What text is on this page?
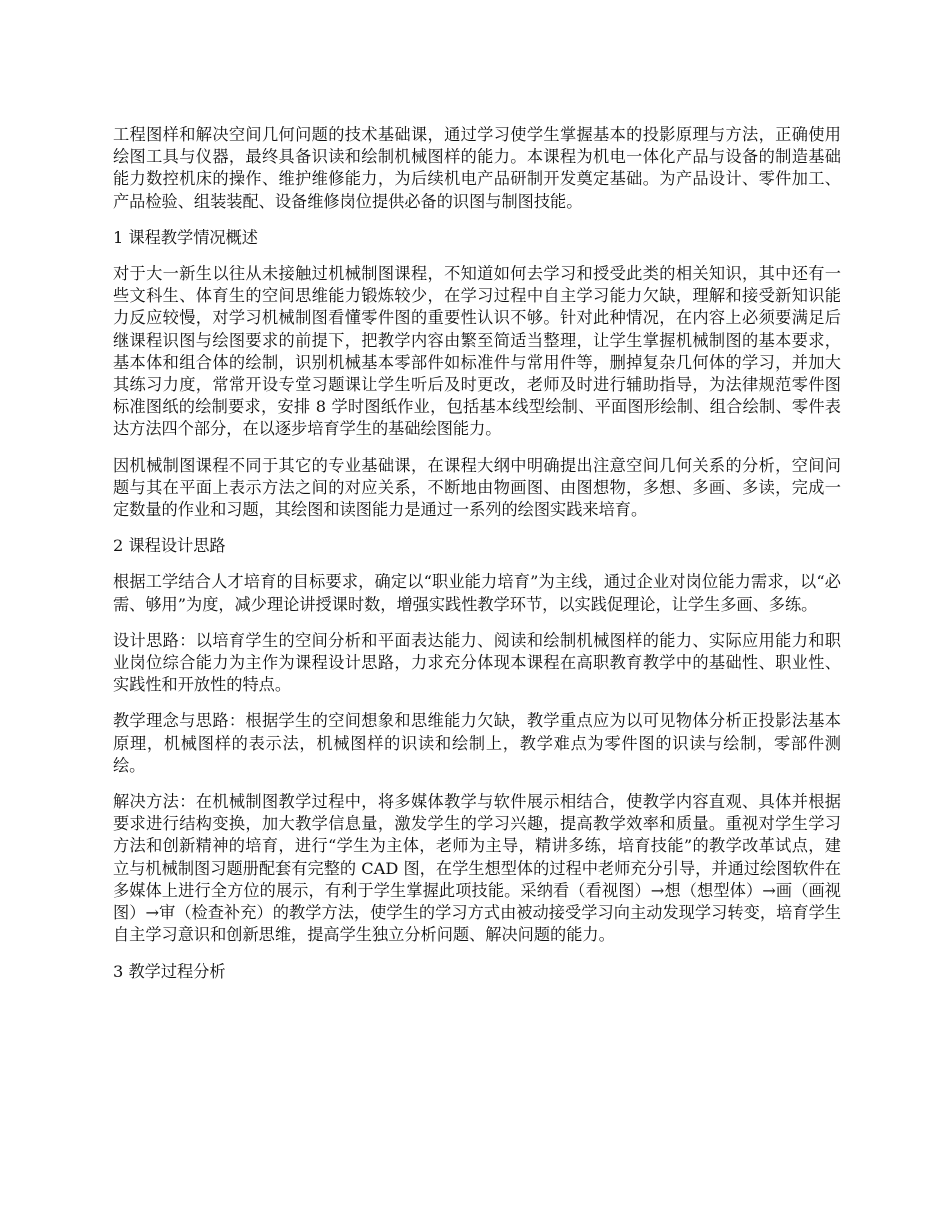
工程图样和解决空间几何问题的技术基础课，通过学习使学生掌握基本的投影原理与方法，正确使用绘图工具与仪器，最终具备识读和绘制机械图样的能力。本课程为机电一体化产品与设备的制造基础能力数控机床的操作、维护维修能力，为后续机电产品研制开发奠定基础。为产品设计、零件加工、产品检验、组装装配、设备维修岗位提供必备的识图与制图技能。

1 课程教学情况概述

对于大一新生以往从未接触过机械制图课程，不知道如何去学习和授受此类的相关知识，其中还有一些文科生、体育生的空间思维能力锻炼较少，在学习过程中自主学习能力欠缺，理解和接受新知识能力反应较慢，对学习机械制图看懂零件图的重要性认识不够。针对此种情况，在内容上必须要满足后继课程识图与绘图要求的前提下，把教学内容由繁至简适当整理，让学生掌握机械制图的基本要求，基本体和组合体的绘制，识别机械基本零部件如标准件与常用件等，删掉复杂几何体的学习，并加大其练习力度，常常开设专堂习题课让学生听后及时更改，老师及时进行辅助指导，为法律规范零件图标准图纸的绘制要求，安排 8 学时图纸作业，包括基本线型绘制、平面图形绘制、组合绘制、零件表达方法四个部分，在以逐步培育学生的基础绘图能力。

因机械制图课程不同于其它的专业基础课，在课程大纲中明确提出注意空间几何关系的分析，空间问题与其在平面上表示方法之间的对应关系，不断地由物画图、由图想物，多想、多画、多读，完成一定数量的作业和习题，其绘图和读图能力是通过一系列的绘图实践来培育。

2 课程设计思路

根据工学结合人才培育的目标要求，确定以“职业能力培育”为主线，通过企业对岗位能力需求，以“必需、够用”为度，减少理论讲授课时数，增强实践性教学环节，以实践促理论，让学生多画、多练。

设计思路：以培育学生的空间分析和平面表达能力、阅读和绘制机械图样的能力、实际应用能力和职业岗位综合能力为主作为课程设计思路，力求充分体现本课程在高职教育教学中的基础性、职业性、实践性和开放性的特点。

教学理念与思路：根据学生的空间想象和思维能力欠缺，教学重点应为以可见物体分析正投影法基本原理，机械图样的表示法，机械图样的识读和绘制上，教学难点为零件图的识读与绘制，零部件测绘。

解决方法：在机械制图教学过程中，将多媒体教学与软件展示相结合，使教学内容直观、具体并根据要求进行结构变换，加大教学信息量，激发学生的学习兴趣，提高教学效率和质量。重视对学生学习方法和创新精神的培育，进行“学生为主体，老师为主导，精讲多练，培育技能”的教学改革试点，建立与机械制图习题册配套有完整的 CAD 图，在学生想型体的过程中老师充分引导，并通过绘图软件在多媒体上进行全方位的展示，有利于学生掌握此项技能。采纳看（看视图）→想（想型体）→画（画视图）→审（检查补充）的教学方法，使学生的学习方式由被动接受学习向主动发现学习转变，培育学生自主学习意识和创新思维，提高学生独立分析问题、解决问题的能力。

3 教学过程分析
